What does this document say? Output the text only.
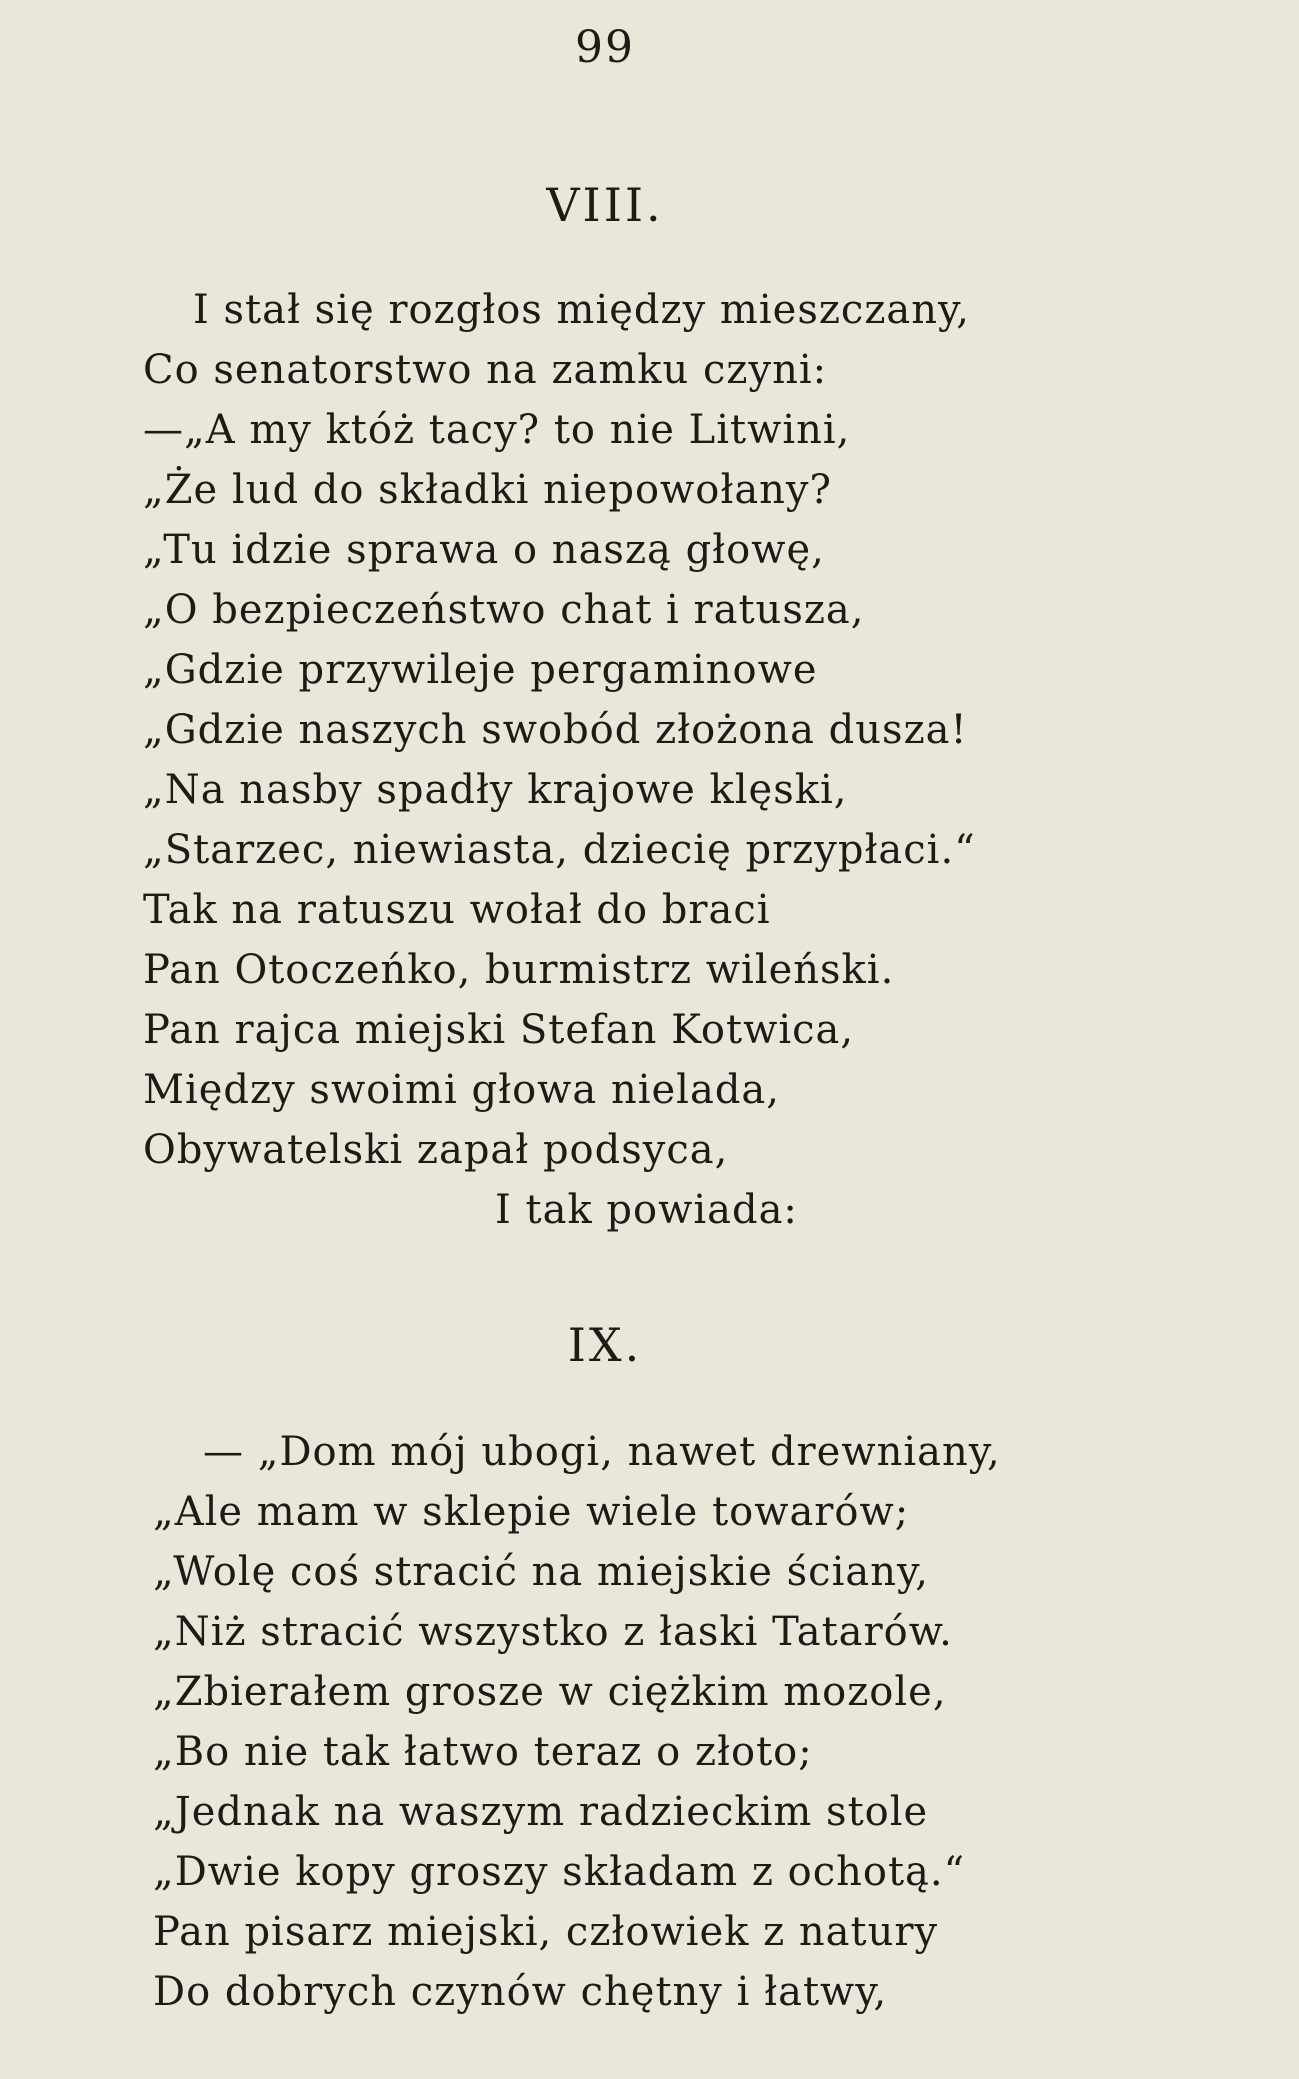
99
VIII.
I stał się rozgłos między mieszczany,
Co senatorstwo na zamku czyni:
—„A my któż tacy? to nie Litwini,
„Że lud do składki niepowołany?
„Tu idzie sprawa o naszą głowę,
„O bezpieczeństwo chat i ratusza,
„Gdzie przywileje pergaminowe
„Gdzie naszych swobód złożona dusza!
„Na nasby spadły krajowe klęski,
„Starzec, niewiasta, dziecię przypłaci.“
Tak na ratuszu wołał do braci
Pan Otoczeńko, burmistrz wileński.
Pan rajca miejski Stefan Kotwica,
Między swoimi głowa nielada,
Obywatelski zapał podsyca,
I tak powiada:
IX.
— „Dom mój ubogi, nawet drewniany,
„Ale mam w sklepie wiele towarów;
„Wolę coś stracić na miejskie ściany,
„Niż stracić wszystko z łaski Tatarów.
„Zbierałem grosze w ciężkim mozole,
„Bo nie tak łatwo teraz o złoto;
„Jednak na waszym radzieckim stole
„Dwie kopy groszy składam z ochotą.“
Pan pisarz miejski, człowiek z natury
Do dobrych czynów chętny i łatwy,
